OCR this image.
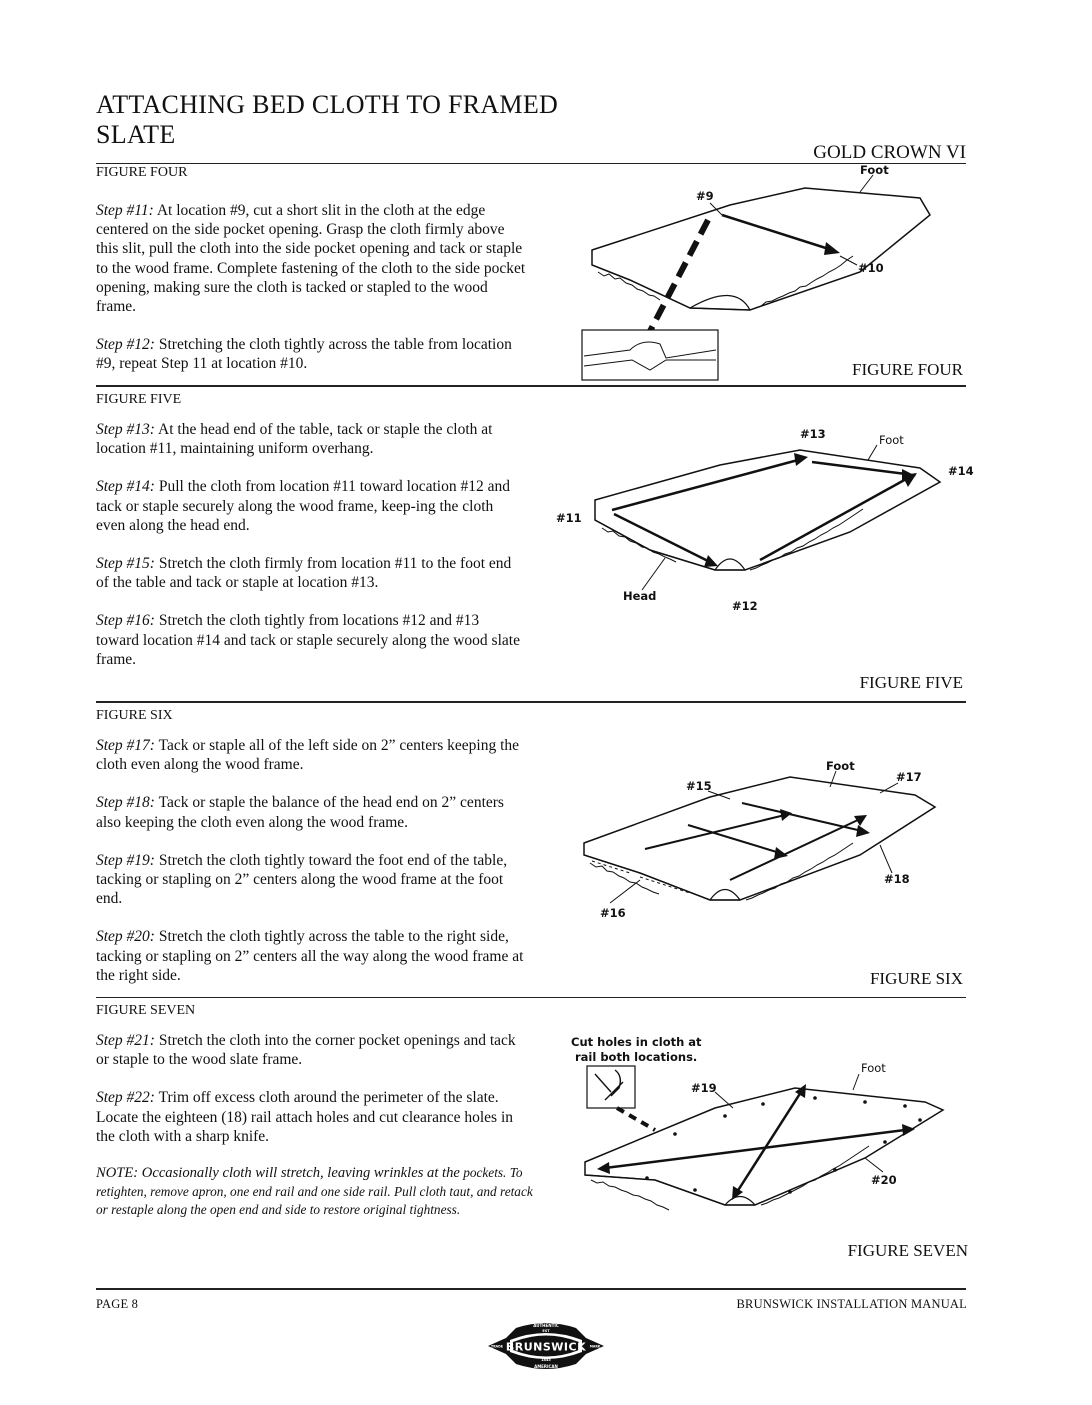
ATTACHING BED CLOTH TO FRAMED
SLATE
GOLD CROWN VI
FIGURE FOUR

Step #11: At location #9, cut a short slit in the cloth at the edge centered on the side pocket opening. Grasp the cloth firmly above this slit, pull the cloth into the side pocket opening and tack or staple to the wood frame. Complete fastening of the cloth to the side pocket opening, making sure the cloth is tacked or stapled to the wood frame.

Step #12: Stretching the cloth tightly across the table from location #9, repeat Step 11 at location #10.

Foot
#9
#10
FIGURE FOUR
FIGURE FIVE

Step #13: At the head end of the table, tack or staple the cloth at location #11, maintaining uniform overhang.

Step #14: Pull the cloth from location #11 toward location #12 and tack or staple securely along the wood frame, keep-ing the cloth even along the head end.

Step #15: Stretch the cloth firmly from location #11 to the foot end of the table and tack or staple at location #13.

Step #16: Stretch the cloth tightly from locations #12 and #13 toward location #14 and tack or staple securely along the wood slate frame.

#13	Foot
#14
#11
Head
#12
FIGURE FIVE
FIGURE SIX

Step #17: Tack or staple all of the left side on 2” centers keeping the cloth even along the wood frame.

Step #18: Tack or staple the balance of the head end on 2” centers also keeping the cloth even along the wood frame.

Step #19: Stretch the cloth tightly toward the foot end of the table, tacking or stapling on 2” centers along the wood frame at the foot end.

Step #20: Stretch the cloth tightly across the table to the right side, tacking or stapling on 2” centers all the way along the wood frame at the right side.

Foot
#17
#15
#18
#16
FIGURE SIX
FIGURE SEVEN

Step #21: Stretch the cloth into the corner pocket openings and tack or staple to the wood slate frame.

Step #22: Trim off excess cloth around the perimeter of the slate. Locate the eighteen (18) rail attach holes and cut clearance holes in the cloth with a sharp knife.

NOTE: Occasionally cloth will stretch, leaving wrinkles at the pockets. To retighten, remove apron, one end rail and one side rail. Pull cloth taut, and retack or restaple along the open end and side to restore original tightness.
Cut holes in cloth at
rail both locations.
Foot
#19
#20
FIGURE SEVEN
PAGE 8	BRUNSWICK INSTALLATION MANUAL
BRUNSWICK
AUTHENTIC
EST
1845
AMERICAN
TRADE	MARK
